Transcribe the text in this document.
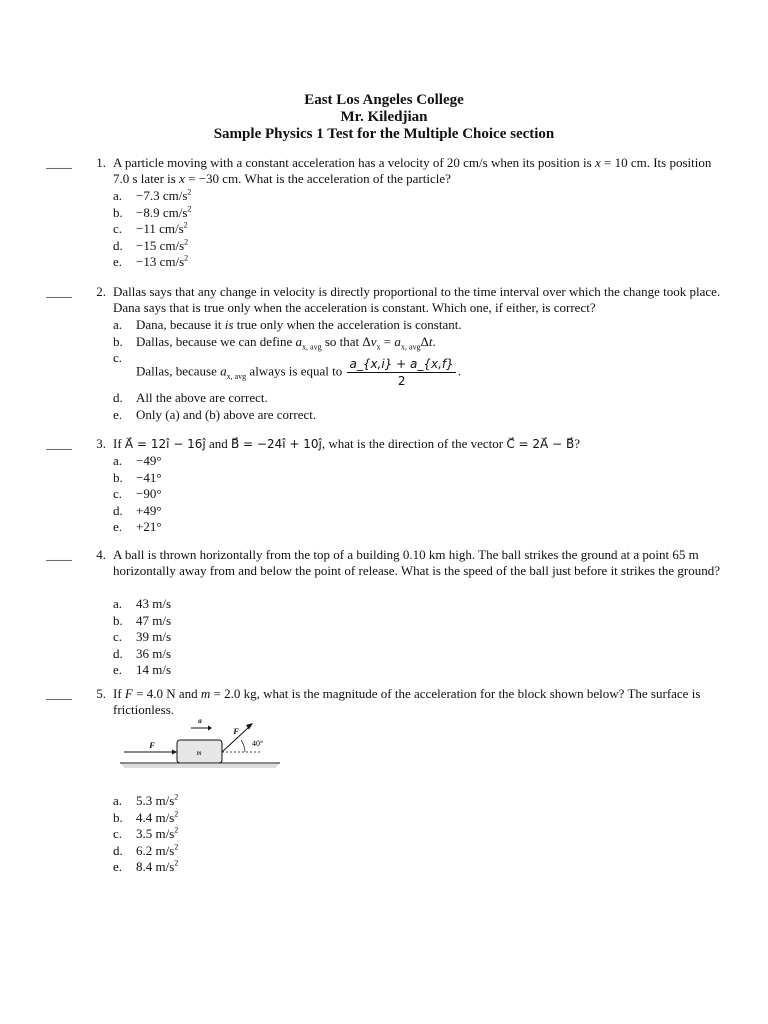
East Los Angeles College
Mr. Kiledjian
Sample Physics 1 Test for the Multiple Choice section
____	1. A particle moving with a constant acceleration has a velocity of 20 cm/s when its position is x = 10 cm. Its position 7.0 s later is x = −30 cm. What is the acceleration of the particle?
a.	−7.3 $cm/s^2$
b.	−8.9 $cm/s^2$
c.	−11 $cm/s^2$
d.	−15 $cm/s^2$
e.	−13 $cm/s^2$
____	2. Dallas says that any change in velocity is directly proportional to the time interval over which the change took place. Dana says that is true only when the acceleration is constant. Which one, if either, is correct?
a.	Dana, because it is true only when the acceleration is constant.
b.	Dallas, because we can define $a_{x, avg}$ so that $\Delta v_x = a_{x, avg}\Delta t$.
c.
Dallas, because $a_{x, avg}$ always is equal to $\frac{a\_\{x,i\} + a\_\{x,f\}}{2}$ .
d.	All the above are correct.
e.	Only (a) and (b) above are correct.
____	3. If A⃗ = 12î − 16ĵ and B⃗ = −24î + 10ĵ, what is the direction of the vector C⃗ = 2A⃗ − B⃗?
a.	−49°
b.	−41°
c.	−90°
d.	+49°
e.	+21°
____	4. A ball is thrown horizontally from the top of a building 0.10 km high. The ball strikes the ground at a point 65 m horizontally away from and below the point of release. What is the speed of the ball just before it strikes the ground?
a.	43 m/s
b.	47 m/s
c.	39 m/s
d.	36 m/s
e.	14 m/s
____	5. If F = 4.0 N and m = 2.0 kg, what is the magnitude of the acceleration for the block shown below? The surface is frictionless.
a.	5.3 $m/s^2$
b.	4.4 $m/s^2$
c.	3.5 $m/s^2$
d.	6.2 $m/s^2$
e.	8.4 $m/s^2$
m
a
F
F
40°
